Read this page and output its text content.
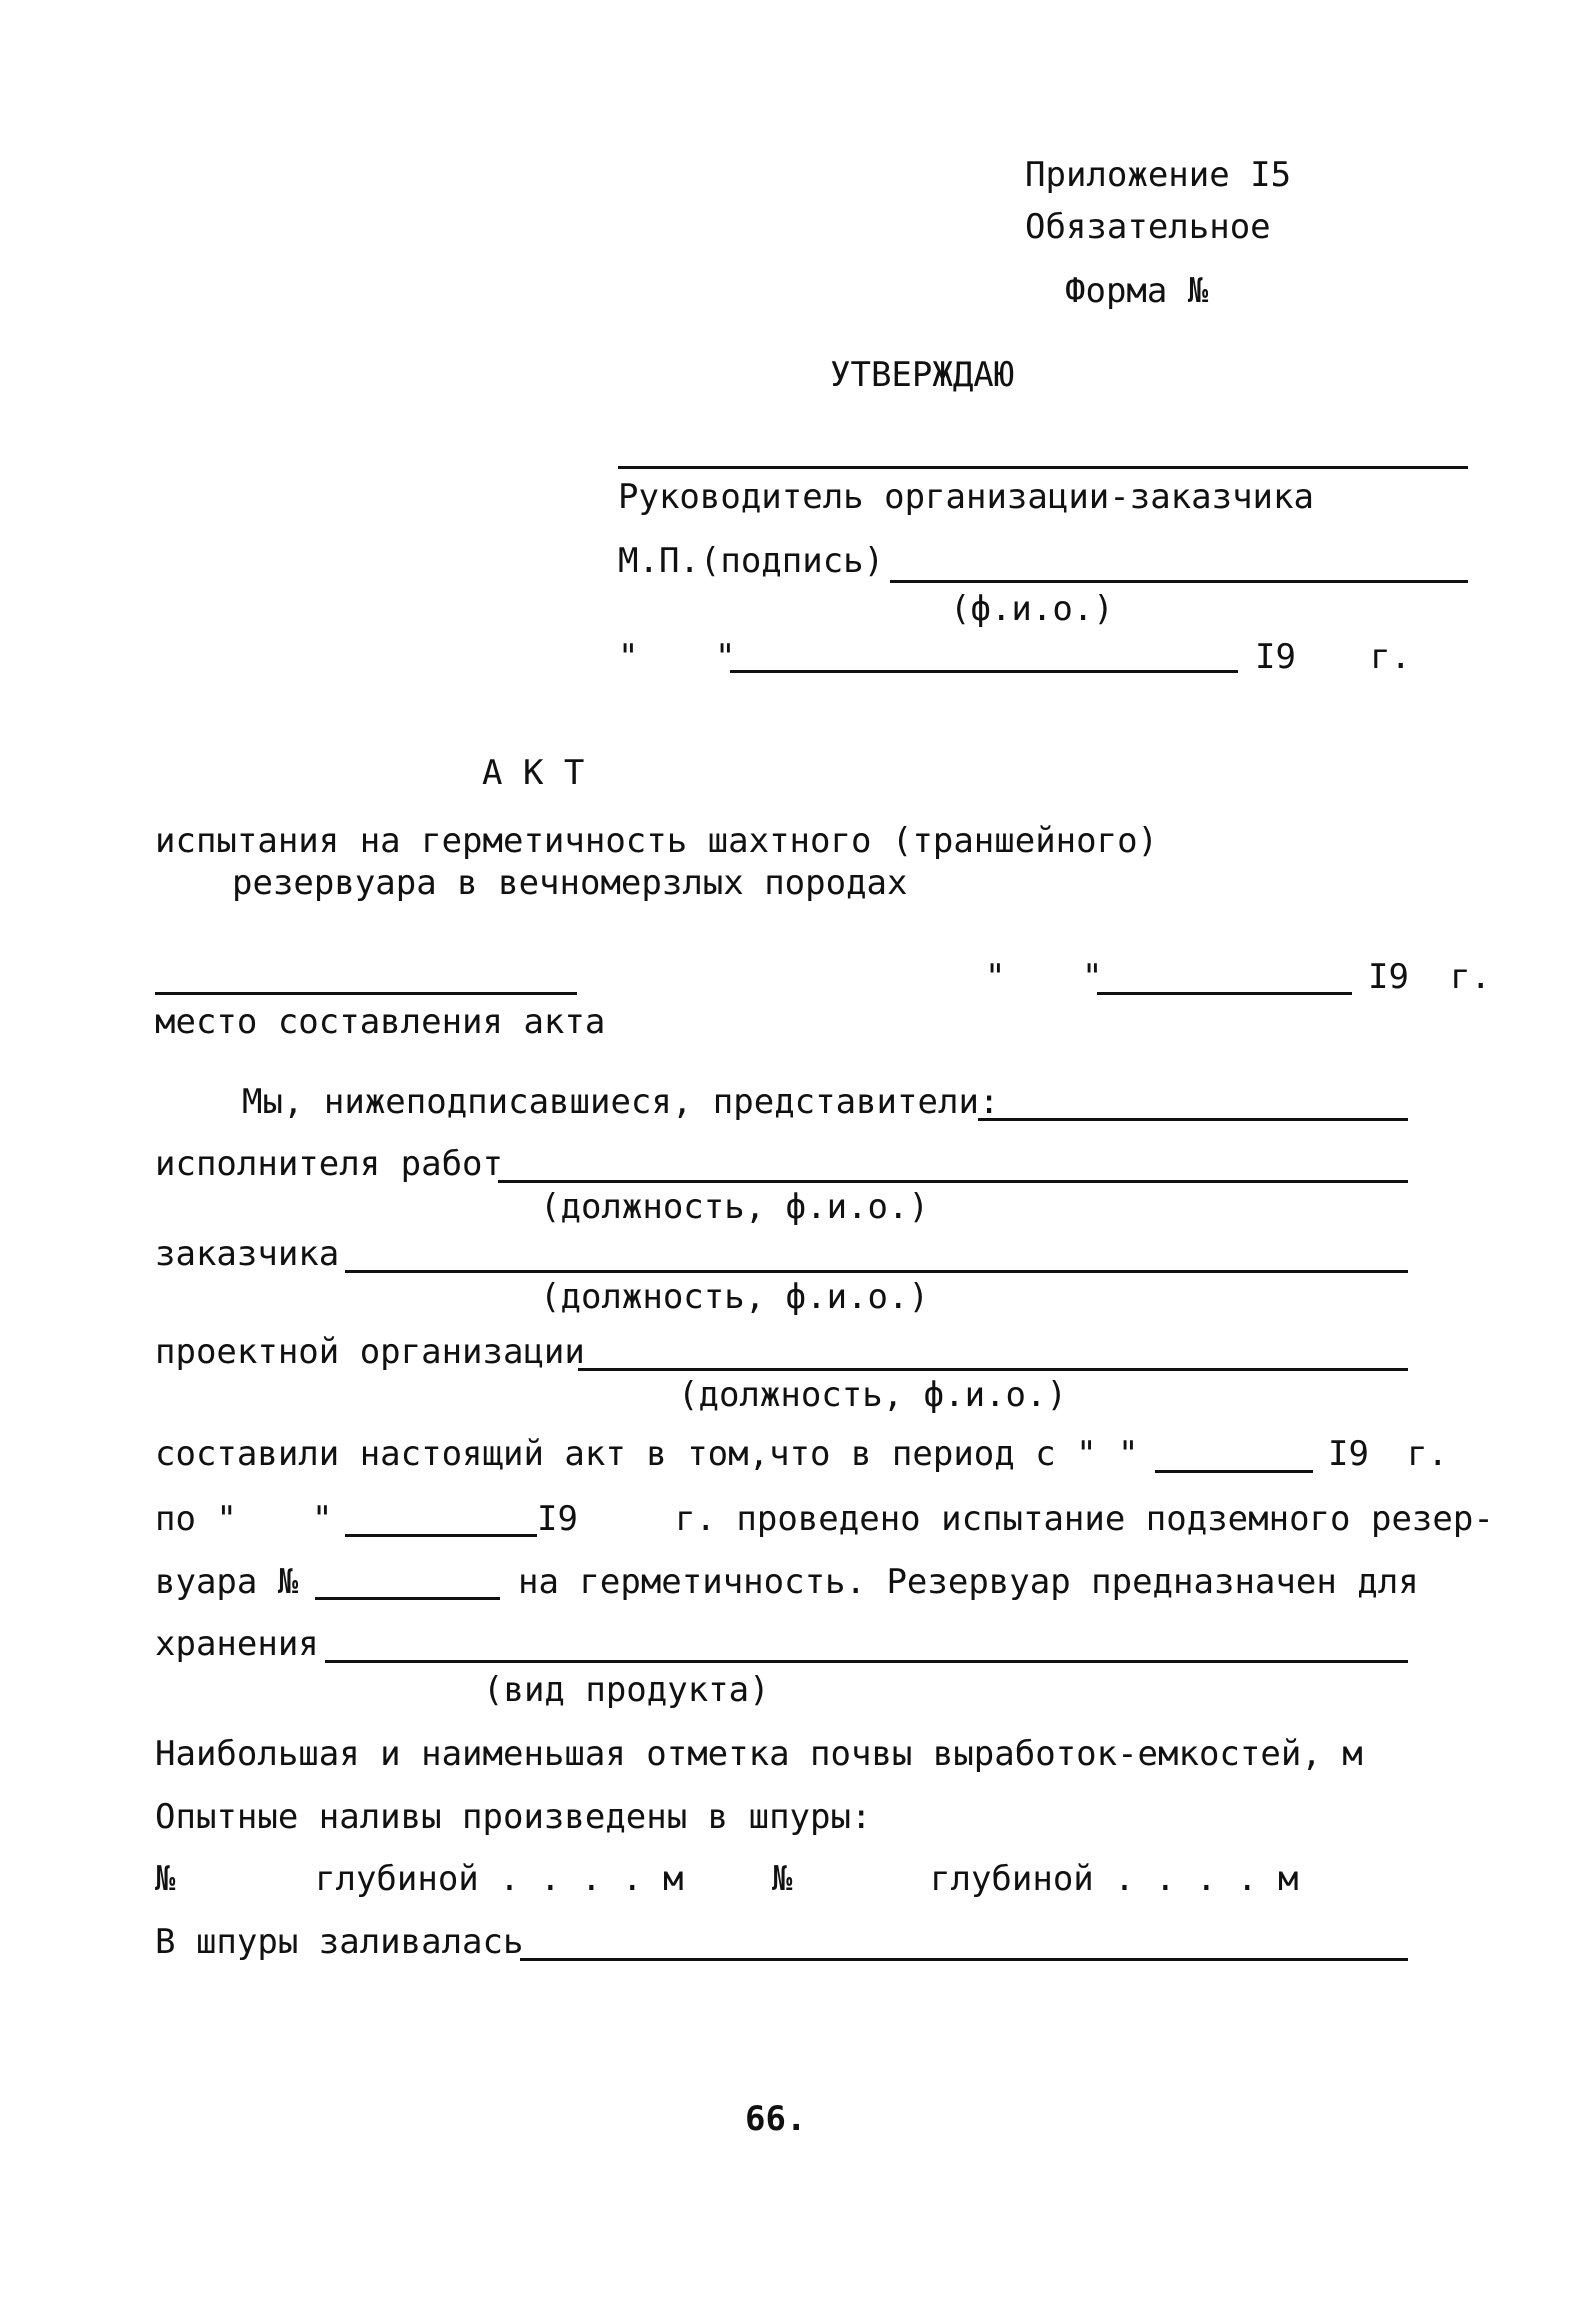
Приложение I5
Обязательное
Форма №
УТВЕРЖДАЮ
Руководитель организации-заказчика
М.П.(подпись)
(ф.и.о.)
" "	I9 г.
А К Т
испытания на герметичность шахтного (траншейного)
резервуара в вечномерзлых породах
" "	I9 г.
место составления акта
Мы, нижеподписавшиеся, представители:
исполнителя работ
(должность, ф.и.о.)
заказчика
(должность, ф.и.о.)
проектной организации
(должность, ф.и.о.)
составили настоящий акт в том,что в период с " "	I9 г.
по " "	I9	г. проведено испытание подземного резер-
вуара №	на герметичность. Резервуар предназначен для
хранения
(вид продукта)
Наибольшая и наименьшая отметка почвы выработок-емкостей, м
Опытные наливы произведены в шпуры:
№	глубиной . . . . м	№	глубиной . . . . м
В шпуры заливалась
66.
